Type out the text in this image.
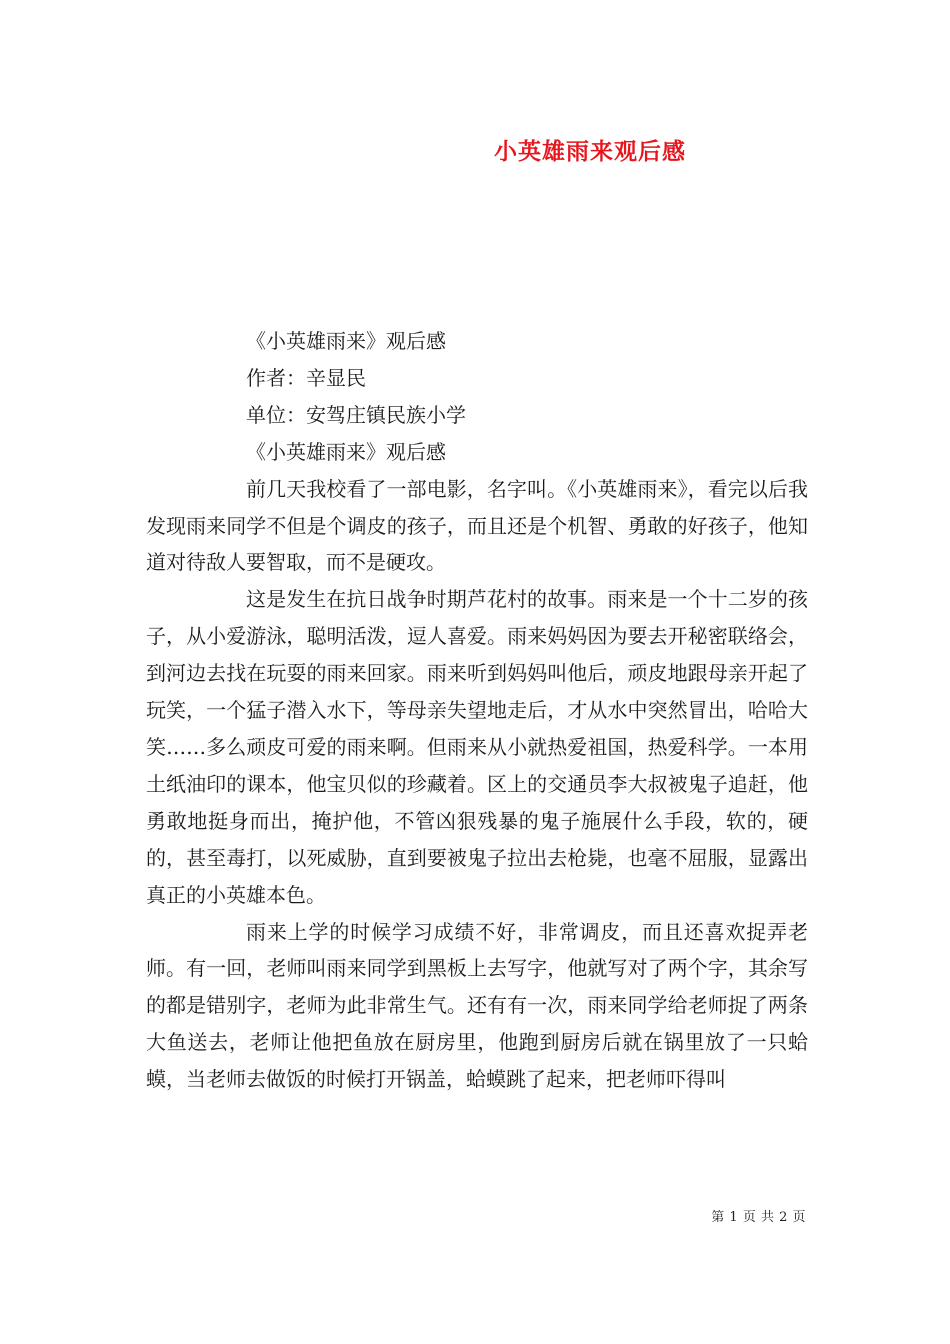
小英雄雨来观后感

《小英雄雨来》观后感

作者：辛显民

单位：安驾庄镇民族小学

《小英雄雨来》观后感

前几天我校看了一部电影，名字叫。《小英雄雨来》，看完以后我发现雨来同学不但是个调皮的孩子，而且还是个机智、勇敢的好孩子，他知道对待敌人要智取，而不是硬攻。

这是发生在抗日战争时期芦花村的故事。雨来是一个十二岁的孩子，从小爱游泳，聪明活泼，逗人喜爱。雨来妈妈因为要去开秘密联络会，到河边去找在玩耍的雨来回家。雨来听到妈妈叫他后，顽皮地跟母亲开起了玩笑，一个猛子潜入水下，等母亲失望地走后，才从水中突然冒出，哈哈大笑……多么顽皮可爱的雨来啊。但雨来从小就热爱祖国，热爱科学。一本用土纸油印的课本，他宝贝似的珍藏着。区上的交通员李大叔被鬼子追赶，他勇敢地挺身而出，掩护他，不管凶狠残暴的鬼子施展什么手段，软的，硬的，甚至毒打，以死威胁，直到要被鬼子拉出去枪毙，也毫不屈服，显露出真正的小英雄本色。

雨来上学的时候学习成绩不好，非常调皮，而且还喜欢捉弄老师。有一回，老师叫雨来同学到黑板上去写字，他就写对了两个字，其余写的都是错别字，老师为此非常生气。还有有一次，雨来同学给老师捉了两条大鱼送去，老师让他把鱼放在厨房里，他跑到厨房后就在锅里放了一只蛤蟆，当老师去做饭的时候打开锅盖，蛤蟆跳了起来，把老师吓得叫

第 1 页 共 2 页
